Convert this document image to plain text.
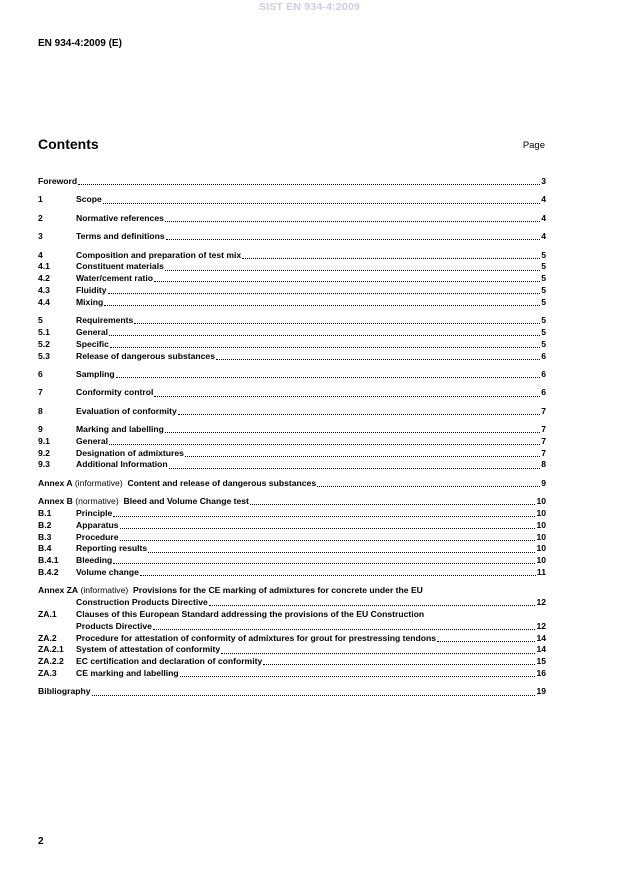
SIST EN 934-4:2009
EN 934-4:2009 (E)
Contents	Page
Foreword	3
1	Scope	4
2	Normative references	4
3	Terms and definitions	4
4	Composition and preparation of test mix	5
4.1	Constituent materials	5
4.2	Water/cement ratio	5
4.3	Fluidity	5
4.4	Mixing	5
5	Requirements	5
5.1	General	5
5.2	Specific	5
5.3	Release of dangerous substances	6
6	Sampling	6
7	Conformity control	6
8	Evaluation of conformity	7
9	Marking and labelling	7
9.1	General	7
9.2	Designation of admixtures	7
9.3	Additional Information	8
Annex A (informative) Content and release of dangerous substances	9
Annex B (normative) Bleed and Volume Change test	10
B.1	Principle	10
B.2	Apparatus	10
B.3	Procedure	10
B.4	Reporting results	10
B.4.1	Bleeding	10
B.4.2	Volume change	11
Annex ZA (informative) Provisions for the CE marking of admixtures for concrete under the EU
Construction Products Directive	12
ZA.1	Clauses of this European Standard addressing the provisions of the EU Construction
Products Directive	12
ZA.2	Procedure for attestation of conformity of admixtures for grout for prestressing tendons	14
ZA.2.1	System of attestation of conformity	14
ZA.2.2	EC certification and declaration of conformity	15
ZA.3	CE marking and labelling	16
Bibliography	19
2
